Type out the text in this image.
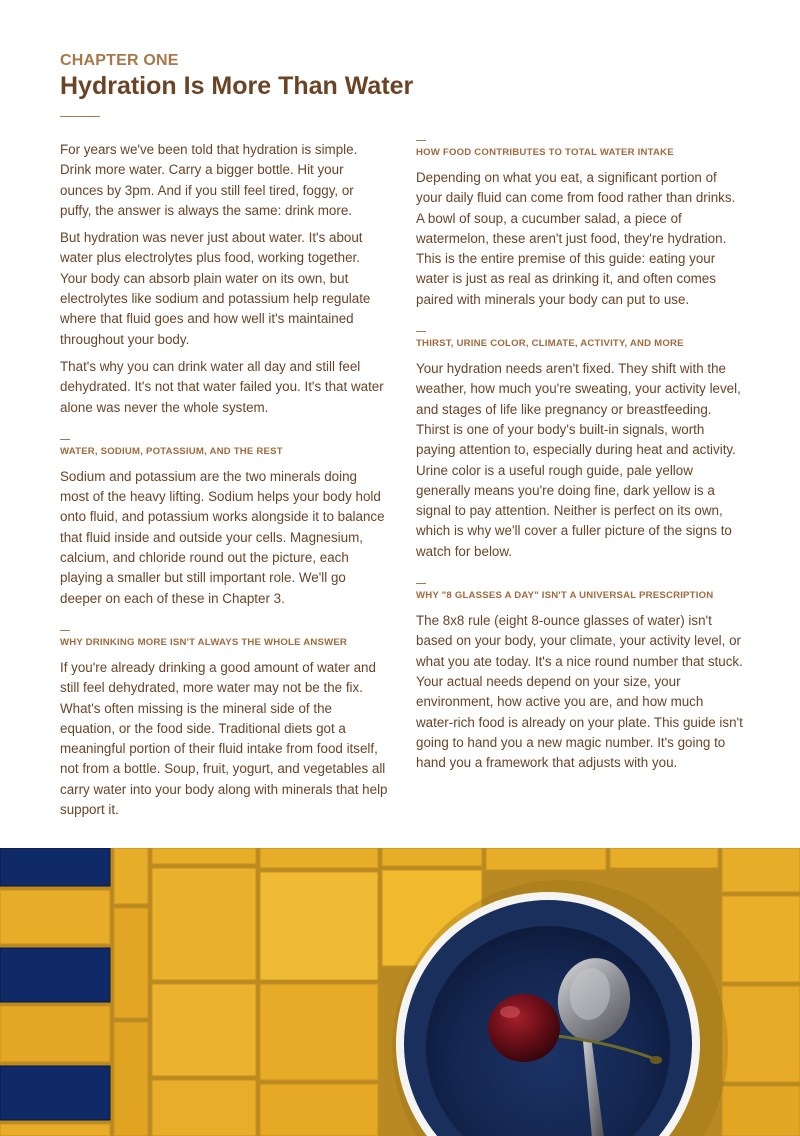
CHAPTER ONE
Hydration Is More Than Water

For years we've been told that hydration is simple. Drink more water. Carry a bigger bottle. Hit your ounces by 3pm. And if you still feel tired, foggy, or puffy, the answer is always the same: drink more.

But hydration was never just about water. It's about water plus electrolytes plus food, working together. Your body can absorb plain water on its own, but electrolytes like sodium and potassium help regulate where that fluid goes and how well it's maintained throughout your body.

That's why you can drink water all day and still feel dehydrated. It's not that water failed you. It's that water alone was never the whole system.

WATER, SODIUM, POTASSIUM, AND THE REST

Sodium and potassium are the two minerals doing most of the heavy lifting. Sodium helps your body hold onto fluid, and potassium works alongside it to balance that fluid inside and outside your cells. Magnesium, calcium, and chloride round out the picture, each playing a smaller but still important role. We'll go deeper on each of these in Chapter 3.

WHY DRINKING MORE ISN'T ALWAYS THE WHOLE ANSWER

If you're already drinking a good amount of water and still feel dehydrated, more water may not be the fix. What's often missing is the mineral side of the equation, or the food side. Traditional diets got a meaningful portion of their fluid intake from food itself, not from a bottle. Soup, fruit, yogurt, and vegetables all carry water into your body along with minerals that help support it.

HOW FOOD CONTRIBUTES TO TOTAL WATER INTAKE

Depending on what you eat, a significant portion of your daily fluid can come from food rather than drinks. A bowl of soup, a cucumber salad, a piece of watermelon, these aren't just food, they're hydration. This is the entire premise of this guide: eating your water is just as real as drinking it, and often comes paired with minerals your body can put to use.

THIRST, URINE COLOR, CLIMATE, ACTIVITY, AND MORE

Your hydration needs aren't fixed. They shift with the weather, how much you're sweating, your activity level, and stages of life like pregnancy or breastfeeding. Thirst is one of your body's built-in signals, worth paying attention to, especially during heat and activity. Urine color is a useful rough guide, pale yellow generally means you're doing fine, dark yellow is a signal to pay attention. Neither is perfect on its own, which is why we'll cover a fuller picture of the signs to watch for below.

WHY "8 GLASSES A DAY" ISN'T A UNIVERSAL PRESCRIPTION

The 8x8 rule (eight 8-ounce glasses of water) isn't based on your body, your climate, your activity level, or what you ate today. It's a nice round number that stuck. Your actual needs depend on your size, your environment, how active you are, and how much water-rich food is already on your plate. This guide isn't going to hand you a new magic number. It's going to hand you a framework that adjusts with you.
